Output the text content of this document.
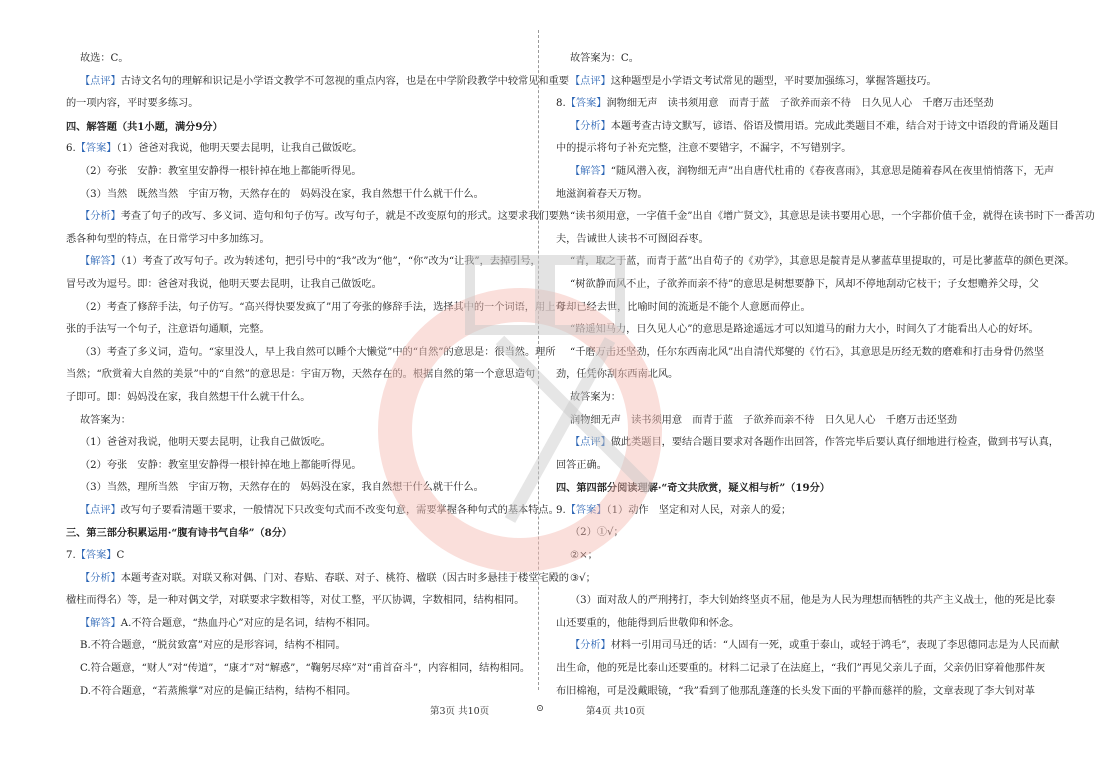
故选：C。
【点评】古诗文名句的理解和识记是小学语文教学不可忽视的重点内容，也是在中学阶段教学中较常见和重要
的一项内容，平时要多练习。
四、解答题（共1小题，满分9分）
6.【答案】（1）爸爸对我说，他明天要去昆明，让我自己做饭吃。
（2）夸张　安静：教室里安静得一根针掉在地上都能听得见。
（3）当然　既然当然　宇宙万物，天然存在的　妈妈没在家，我自然想干什么就干什么。
【分析】考查了句子的改写、多义词、造句和句子仿写。改写句子，就是不改变原句的形式。这要求我们要熟
悉各种句型的特点，在日常学习中多加练习。
【解答】（1）考查了改写句子。改为转述句，把引号中的“我”改为“他”，“你”改为“让我”，去掉引号，
冒号改为逗号。即：爸爸对我说，他明天要去昆明，让我自己做饭吃。
（2）考查了修辞手法，句子仿写。“高兴得快要发疯了”用了夸张的修辞手法，选择其中的一个词语，用上夸
张的手法写一个句子，注意语句通顺，完整。
（3）考查了多义词，造句。“家里没人，早上我自然可以睡个大懒觉”中的“自然”的意思是：很当然。理所
当然；“欣赏着大自然的美景”中的“自然”的意思是：宇宙万物，天然存在的。根据自然的第一个意思造句
子即可。即：妈妈没在家，我自然想干什么就干什么。
故答案为：
（1）爸爸对我说，他明天要去昆明，让我自己做饭吃。
（2）夸张　安静：教室里安静得一根针掉在地上都能听得见。
（3）当然，理所当然　宇宙万物，天然存在的　妈妈没在家，我自然想干什么就干什么。
【点评】改写句子要看清题干要求，一般情况下只改变句式而不改变句意，需要掌握各种句式的基本特点。
三、第三部分积累运用·“腹有诗书气自华”（8分）
7.【答案】C
【分析】本题考查对联。对联又称对偶、门对、春贴、春联、对子、桃符、楹联（因古时多悬挂于楼堂宅殿的
楹柱而得名）等，是一种对偶文学，对联要求字数相等，对仗工整，平仄协调，字数相同，结构相同。
【解答】A.不符合题意，“热血丹心”对应的是名词，结构不相同。
B.不符合题意，“脱贫致富”对应的是形容词，结构不相同。
C.符合题意，“财人”对“传道”，“康才”对“解惑”，“鞠躬尽瘁”对“甫首奋斗”，内容相同，结构相同。
D.不符合题意，“若蒸熊掌”对应的是偏正结构，结构不相同。
故答案为：C。
【点评】这种题型是小学语文考试常见的题型，平时要加强练习，掌握答题技巧。
8.【答案】润物细无声　读书须用意　而青于蓝　子欲养而亲不待　日久见人心　千磨万击还坚劲
【分析】本题考查古诗文默写，谚语、俗语及惯用语。完成此类题目不难，结合对于诗文中语段的背诵及题目
中的提示将句子补充完整，注意不要错字，不漏字，不写错别字。
【解答】“随风潜入夜，润物细无声”出自唐代杜甫的《春夜喜雨》，其意思是随着春风在夜里悄悄落下，无声
地滋润着春天万物。
“读书须用意，一字值千金”出自《增广贤文》，其意思是读书要用心思，一个字都价值千金，就得在读书时下一番苦功
夫，告诫世人读书不可囫囵吞枣。
“青，取之于蓝，而青于蓝”出自荀子的《劝学》，其意思是靛青是从蓼蓝草里提取的，可是比蓼蓝草的颜色更深。
“树欲静而风不止，子欲养而亲不待”的意思是树想要静下，风却不停地刮动它枝干；子女想赡养父母，父
母却已经去世，比喻时间的流逝是不能个人意愿而停止。
“路遥知马力，日久见人心”的意思是路途遥远才可以知道马的耐力大小，时间久了才能看出人心的好坏。
“千磨万击还坚劲，任尔东西南北风”出自清代郑燮的《竹石》，其意思是历经无数的磨难和打击身骨仍然坚
劲，任凭你刮东西南北风。
故答案为：
润物细无声　读书须用意　而青于蓝　子欲养而亲不待　日久见人心　千磨万击还坚劲
【点评】做此类题目，要结合题目要求对各题作出回答，作答完毕后要认真仔细地进行检查，做到书写认真，
回答正确。
四、第四部分阅读理解·“奇文共欣赏，疑义相与析”（19分）
9.【答案】（1）动作　坚定和对人民，对亲人的爱；
（2）①√；
②×；
③√；
（3）面对敌人的严刑拷打，李大钊始终坚贞不屈，他是为人民为理想而牺牲的共产主义战士，他的死是比泰
山还要重的，他能得到后世敬仰和怀念。
【分析】材料一引用司马迁的话：“人固有一死，或重于泰山，或轻于鸿毛”，表现了李思德同志是为人民而献
出生命，他的死是比泰山还要重的。材料二记录了在法庭上，“我们”再见父亲儿子面，父亲仍旧穿着他那件灰
布旧棉袍，可是没戴眼镜，“我”看到了他那乱蓬蓬的长头发下面的平静而慈祥的脸，文章表现了李大钊对革
第3页 共10页	⊙	第4页 共10页
